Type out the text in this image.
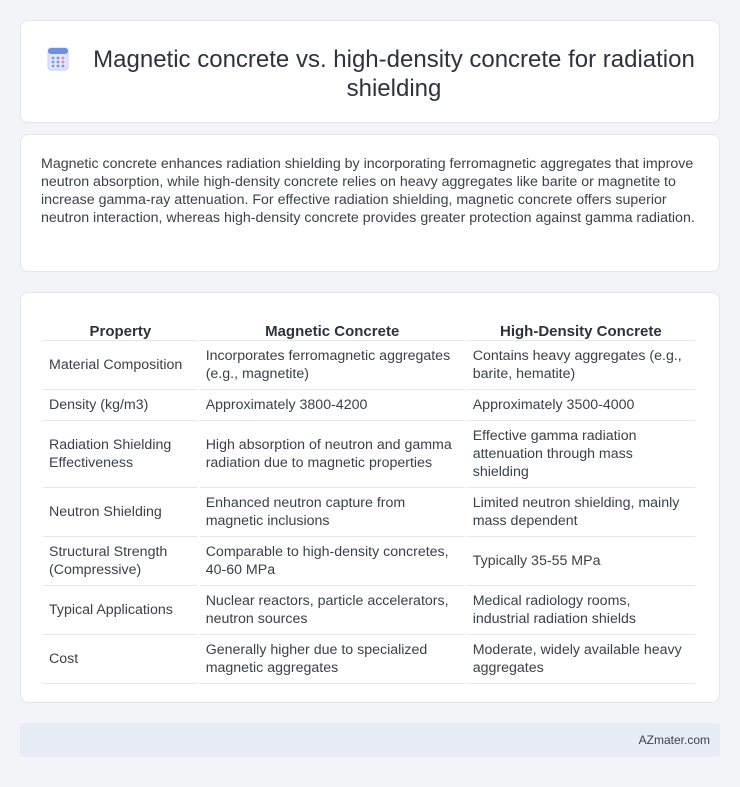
Magnetic concrete vs. high-density concrete for radiation shielding

Magnetic concrete enhances radiation shielding by incorporating ferromagnetic aggregates that improve neutron absorption, while high-density concrete relies on heavy aggregates like barite or magnetite to increase gamma-ray attenuation. For effective radiation shielding, magnetic concrete offers superior neutron interaction, whereas high-density concrete provides greater protection against gamma radiation.

Property	Magnetic Concrete	High-Density Concrete
Material Composition	Incorporates ferromagnetic aggregates (e.g., magnetite)	Contains heavy aggregates (e.g., barite, hematite)
Density (kg/m3)	Approximately 3800-4200	Approximately 3500-4000
Radiation Shielding Effectiveness	High absorption of neutron and gamma radiation due to magnetic properties	Effective gamma radiation attenuation through mass shielding
Neutron Shielding	Enhanced neutron capture from magnetic inclusions	Limited neutron shielding, mainly mass dependent
Structural Strength (Compressive)	Comparable to high-density concretes, 40-60 MPa	Typically 35-55 MPa
Typical Applications	Nuclear reactors, particle accelerators, neutron sources	Medical radiology rooms, industrial radiation shields
Cost	Generally higher due to specialized magnetic aggregates	Moderate, widely available heavy aggregates
AZmater.com
